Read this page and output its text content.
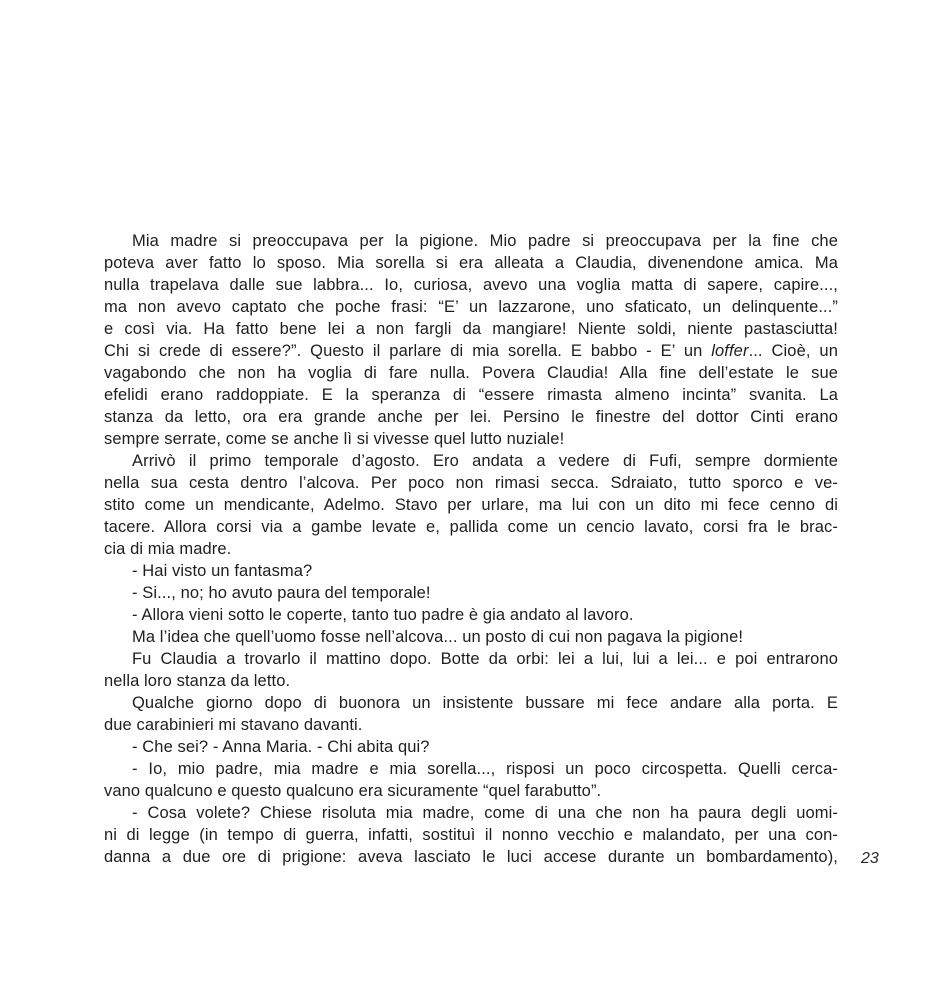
Mia madre si preoccupava per la pigione. Mio padre si preoccupava per la fine che
poteva aver fatto lo sposo. Mia sorella si era alleata a Claudia, divenendone amica. Ma
nulla trapelava dalle sue labbra... Io, curiosa, avevo una voglia matta di sapere, capire...,
ma non avevo captato che poche frasi: “E’ un lazzarone, uno sfaticato, un delinquente...”
e così via. Ha fatto bene lei a non fargli da mangiare! Niente soldi, niente pastasciutta!
Chi si crede di essere?”. Questo il parlare di mia sorella. E babbo - E’ un loffer... Cioè, un
vagabondo che non ha voglia di fare nulla. Povera Claudia! Alla fine dell’estate le sue
efelidi erano raddoppiate. E la speranza di “essere rimasta almeno incinta” svanita. La
stanza da letto, ora era grande anche per lei. Persino le finestre del dottor Cinti erano
sempre serrate, come se anche lì si vivesse quel lutto nuziale!
Arrivò il primo temporale d’agosto. Ero andata a vedere di Fufi, sempre dormiente
nella sua cesta dentro l’alcova. Per poco non rimasi secca. Sdraiato, tutto sporco e ve-
stito come un mendicante, Adelmo. Stavo per urlare, ma lui con un dito mi fece cenno di
tacere. Allora corsi via a gambe levate e, pallida come un cencio lavato, corsi fra le brac-
cia di mia madre.
- Hai visto un fantasma?
- Si..., no; ho avuto paura del temporale!
- Allora vieni sotto le coperte, tanto tuo padre è gia andato al lavoro.
Ma l’idea che quell’uomo fosse nell’alcova... un posto di cui non pagava la pigione!
Fu Claudia a trovarlo il mattino dopo. Botte da orbi: lei a lui, lui a lei... e poi entrarono
nella loro stanza da letto.
Qualche giorno dopo di buonora un insistente bussare mi fece andare alla porta. E
due carabinieri mi stavano davanti.
- Che sei? - Anna Maria. - Chi abita qui?
- Io, mio padre, mia madre e mia sorella..., risposi un poco circospetta. Quelli cerca-
vano qualcuno e questo qualcuno era sicuramente “quel farabutto”.
- Cosa volete? Chiese risoluta mia madre, come di una che non ha paura degli uomi-
ni di legge (in tempo di guerra, infatti, sostituì il nonno vecchio e malandato, per una con-
danna a due ore di prigione: aveva lasciato le luci accese durante un bombardamento), 23
